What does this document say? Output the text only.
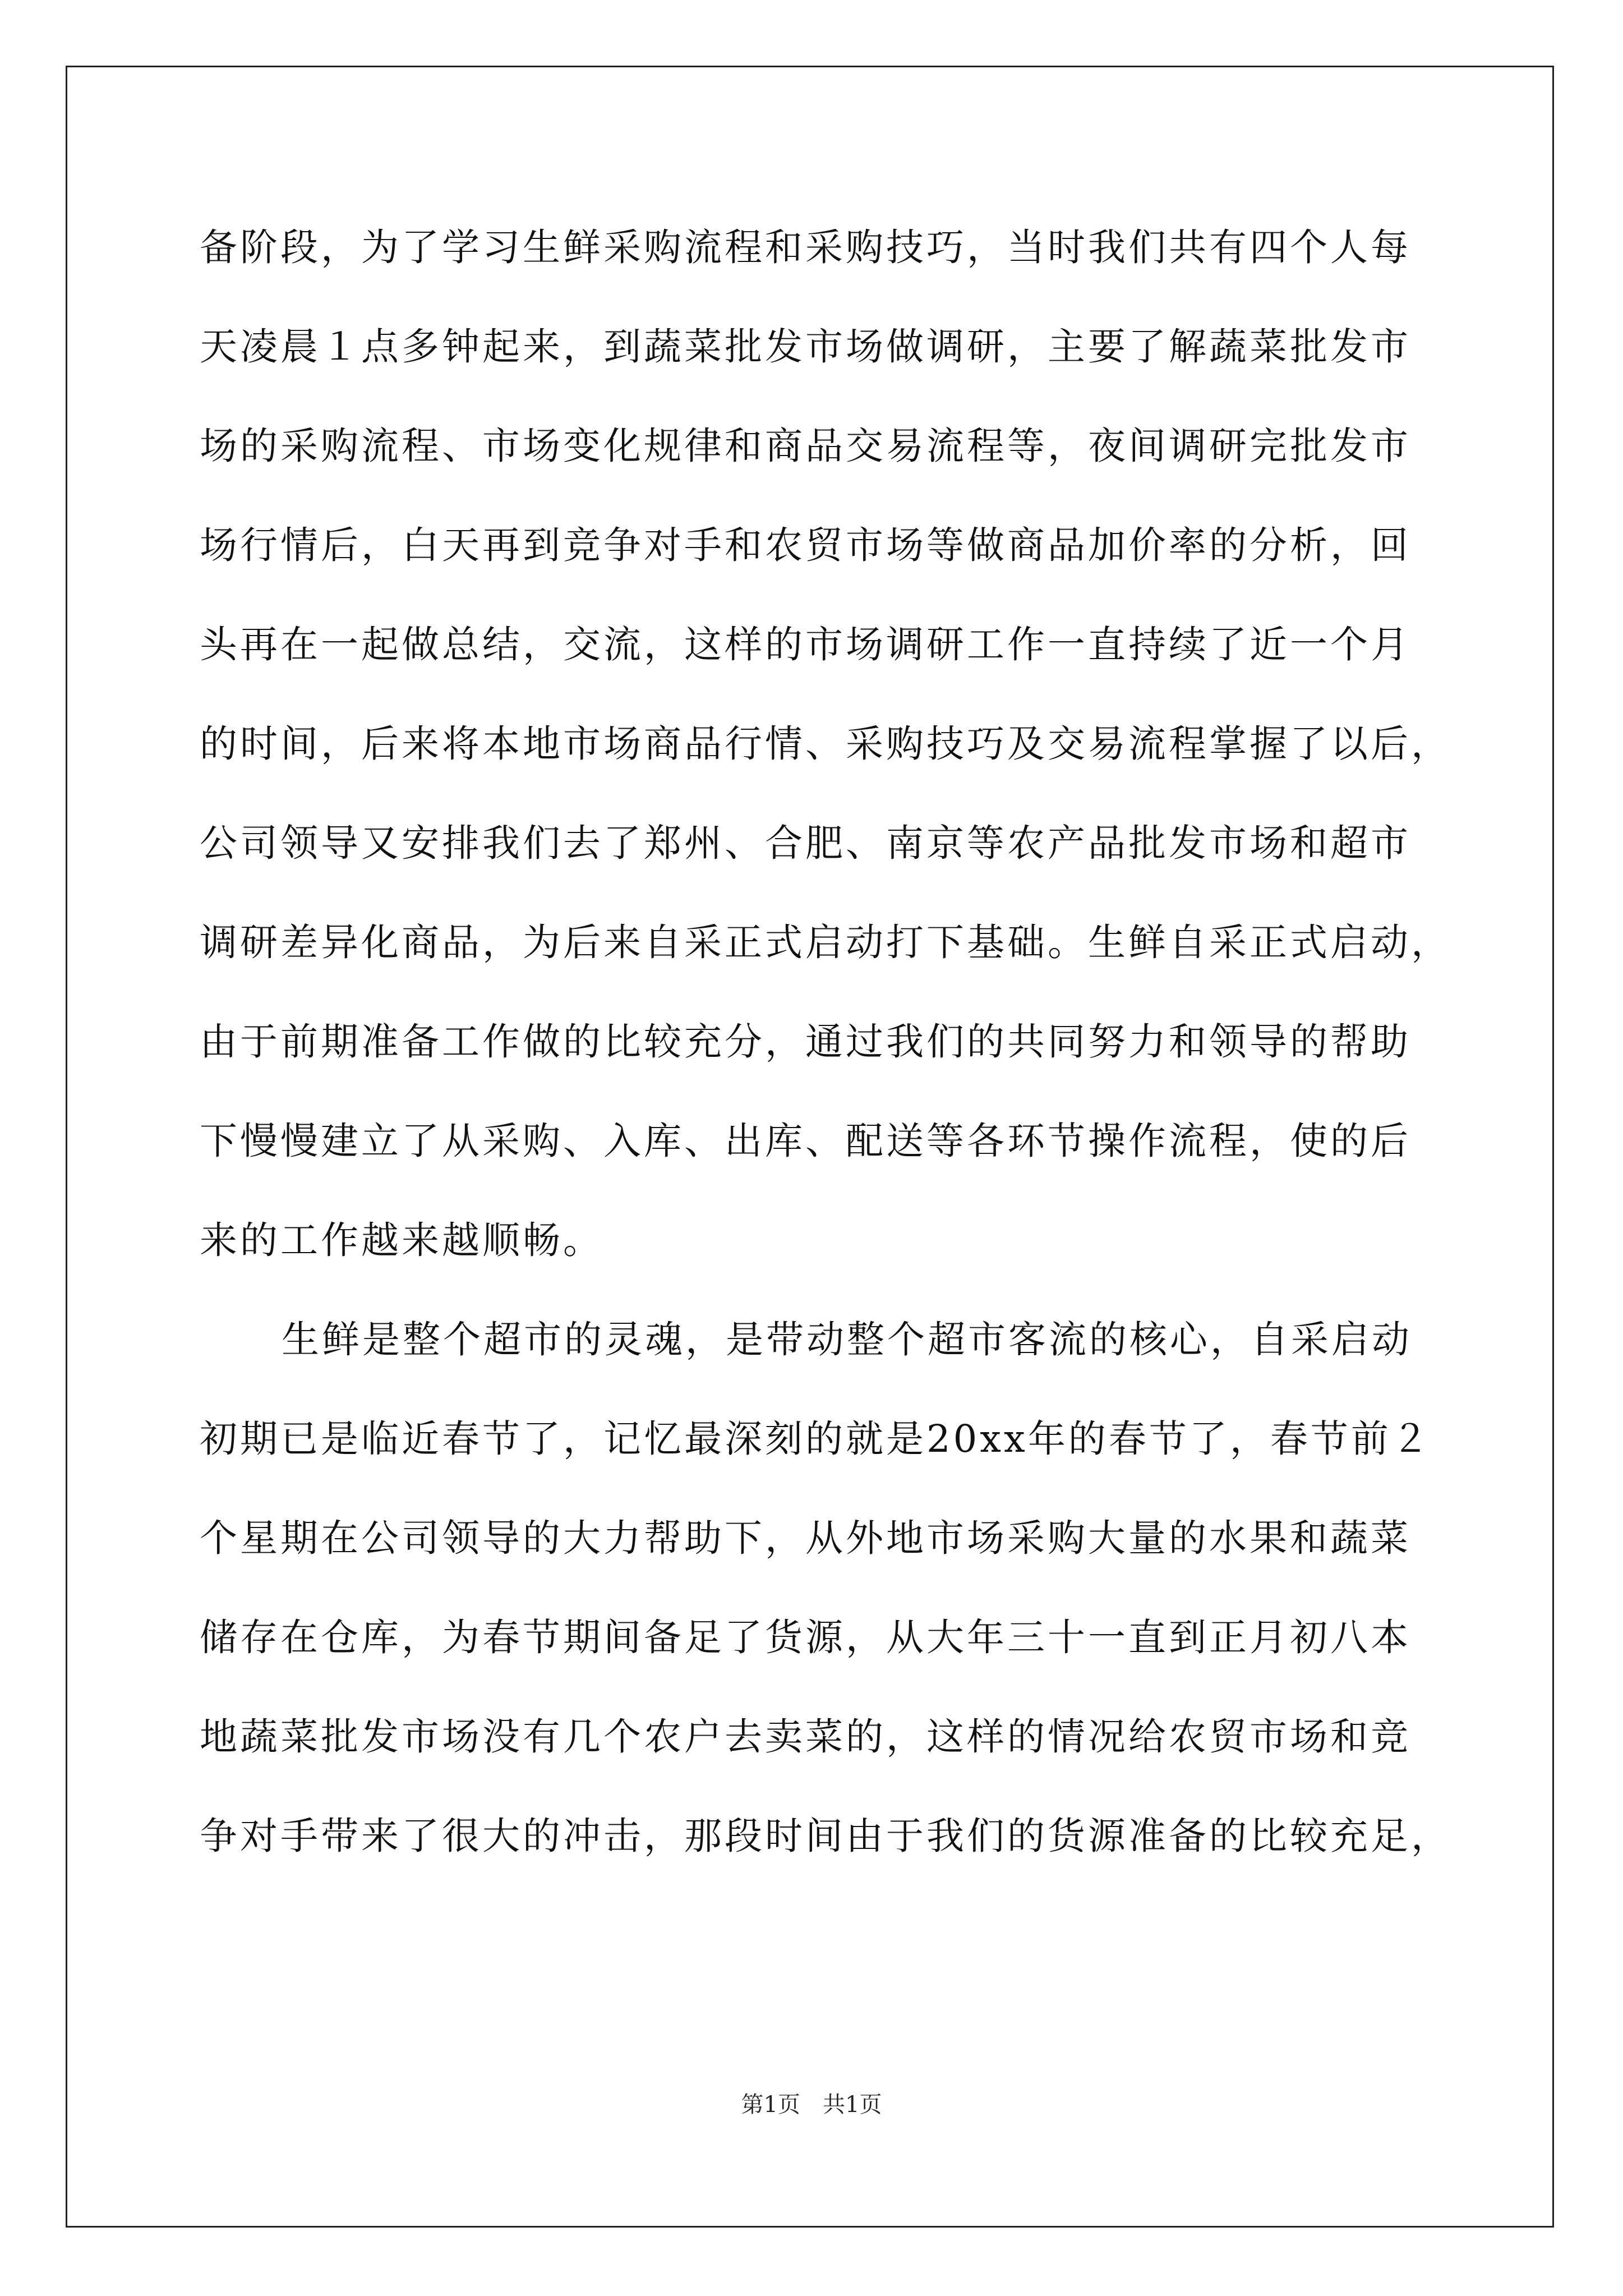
备阶段，为了学习生鲜采购流程和采购技巧，当时我们共有四个人每
天凌晨１点多钟起来，到蔬菜批发市场做调研，主要了解蔬菜批发市
场的采购流程、市场变化规律和商品交易流程等，夜间调研完批发市
场行情后，白天再到竞争对手和农贸市场等做商品加价率的分析，回
头再在一起做总结，交流，这样的市场调研工作一直持续了近一个月
的时间，后来将本地市场商品行情、采购技巧及交易流程掌握了以后，
公司领导又安排我们去了郑州、合肥、南京等农产品批发市场和超市
调研差异化商品，为后来自采正式启动打下基础。生鲜自采正式启动，
由于前期准备工作做的比较充分，通过我们的共同努力和领导的帮助
下慢慢建立了从采购、入库、出库、配送等各环节操作流程，使的后
来的工作越来越顺畅。
生鲜是整个超市的灵魂，是带动整个超市客流的核心，自采启动
初期已是临近春节了，记忆最深刻的就是20xx年的春节了，春节前２
个星期在公司领导的大力帮助下，从外地市场采购大量的水果和蔬菜
储存在仓库，为春节期间备足了货源，从大年三十一直到正月初八本
地蔬菜批发市场没有几个农户去卖菜的，这样的情况给农贸市场和竞
争对手带来了很大的冲击，那段时间由于我们的货源准备的比较充足，
第1页　共1页
